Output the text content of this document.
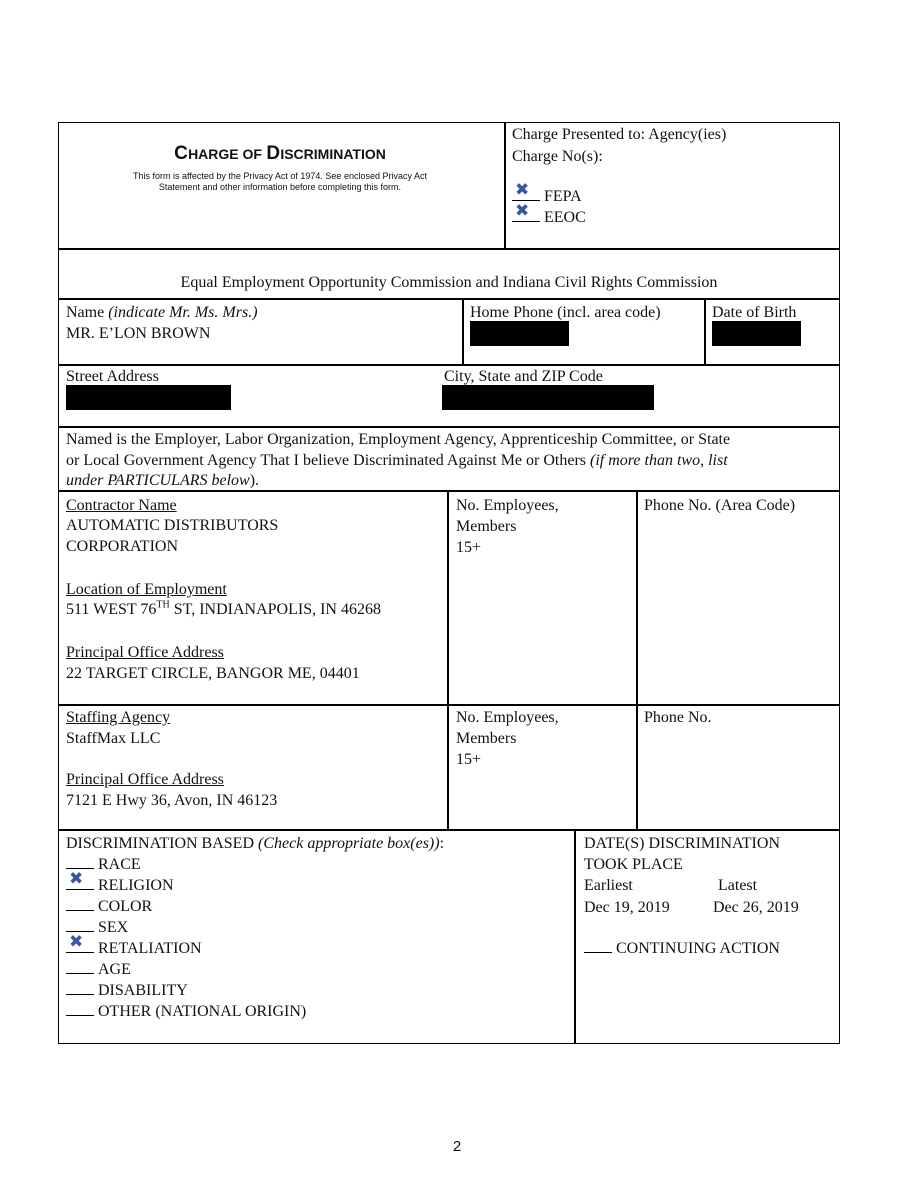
CHARGE OF DISCRIMINATION
This form is affected by the Privacy Act of 1974. See enclosed Privacy Act
Statement and other information before completing this form.
Charge Presented to: Agency(ies)
Charge No(s):
✖ FEPA
✖ EEOC
Equal Employment Opportunity Commission and Indiana Civil Rights Commission
Name (indicate Mr. Ms. Mrs.)
MR. E’LON BROWN
Home Phone (incl. area code)	Date of Birth
Street Address	City, State and ZIP Code
Named is the Employer, Labor Organization, Employment Agency, Apprenticeship Committee, or State
or Local Government Agency That I believe Discriminated Against Me or Others (if more than two, list
under PARTICULARS below).
Contractor Name
AUTOMATIC DISTRIBUTORS
CORPORATION
Location of Employment
511 WEST 76TH ST, INDIANAPOLIS, IN 46268
Principal Office Address
22 TARGET CIRCLE, BANGOR ME, 04401
No. Employees,
Members
15+
Phone No. (Area Code)
Staffing Agency
StaffMax LLC
Principal Office Address
7121 E Hwy 36, Avon, IN 46123
No. Employees,
Members
15+
Phone No.
DISCRIMINATION BASED (Check appropriate box(es)):
RACE
✖ RELIGION
COLOR
SEX
✖ RETALIATION
AGE
DISABILITY
OTHER (NATIONAL ORIGIN)
DATE(S) DISCRIMINATION
TOOK PLACE
Earliest	Latest
Dec 19, 2019	Dec 26, 2019
CONTINUING ACTION
2
